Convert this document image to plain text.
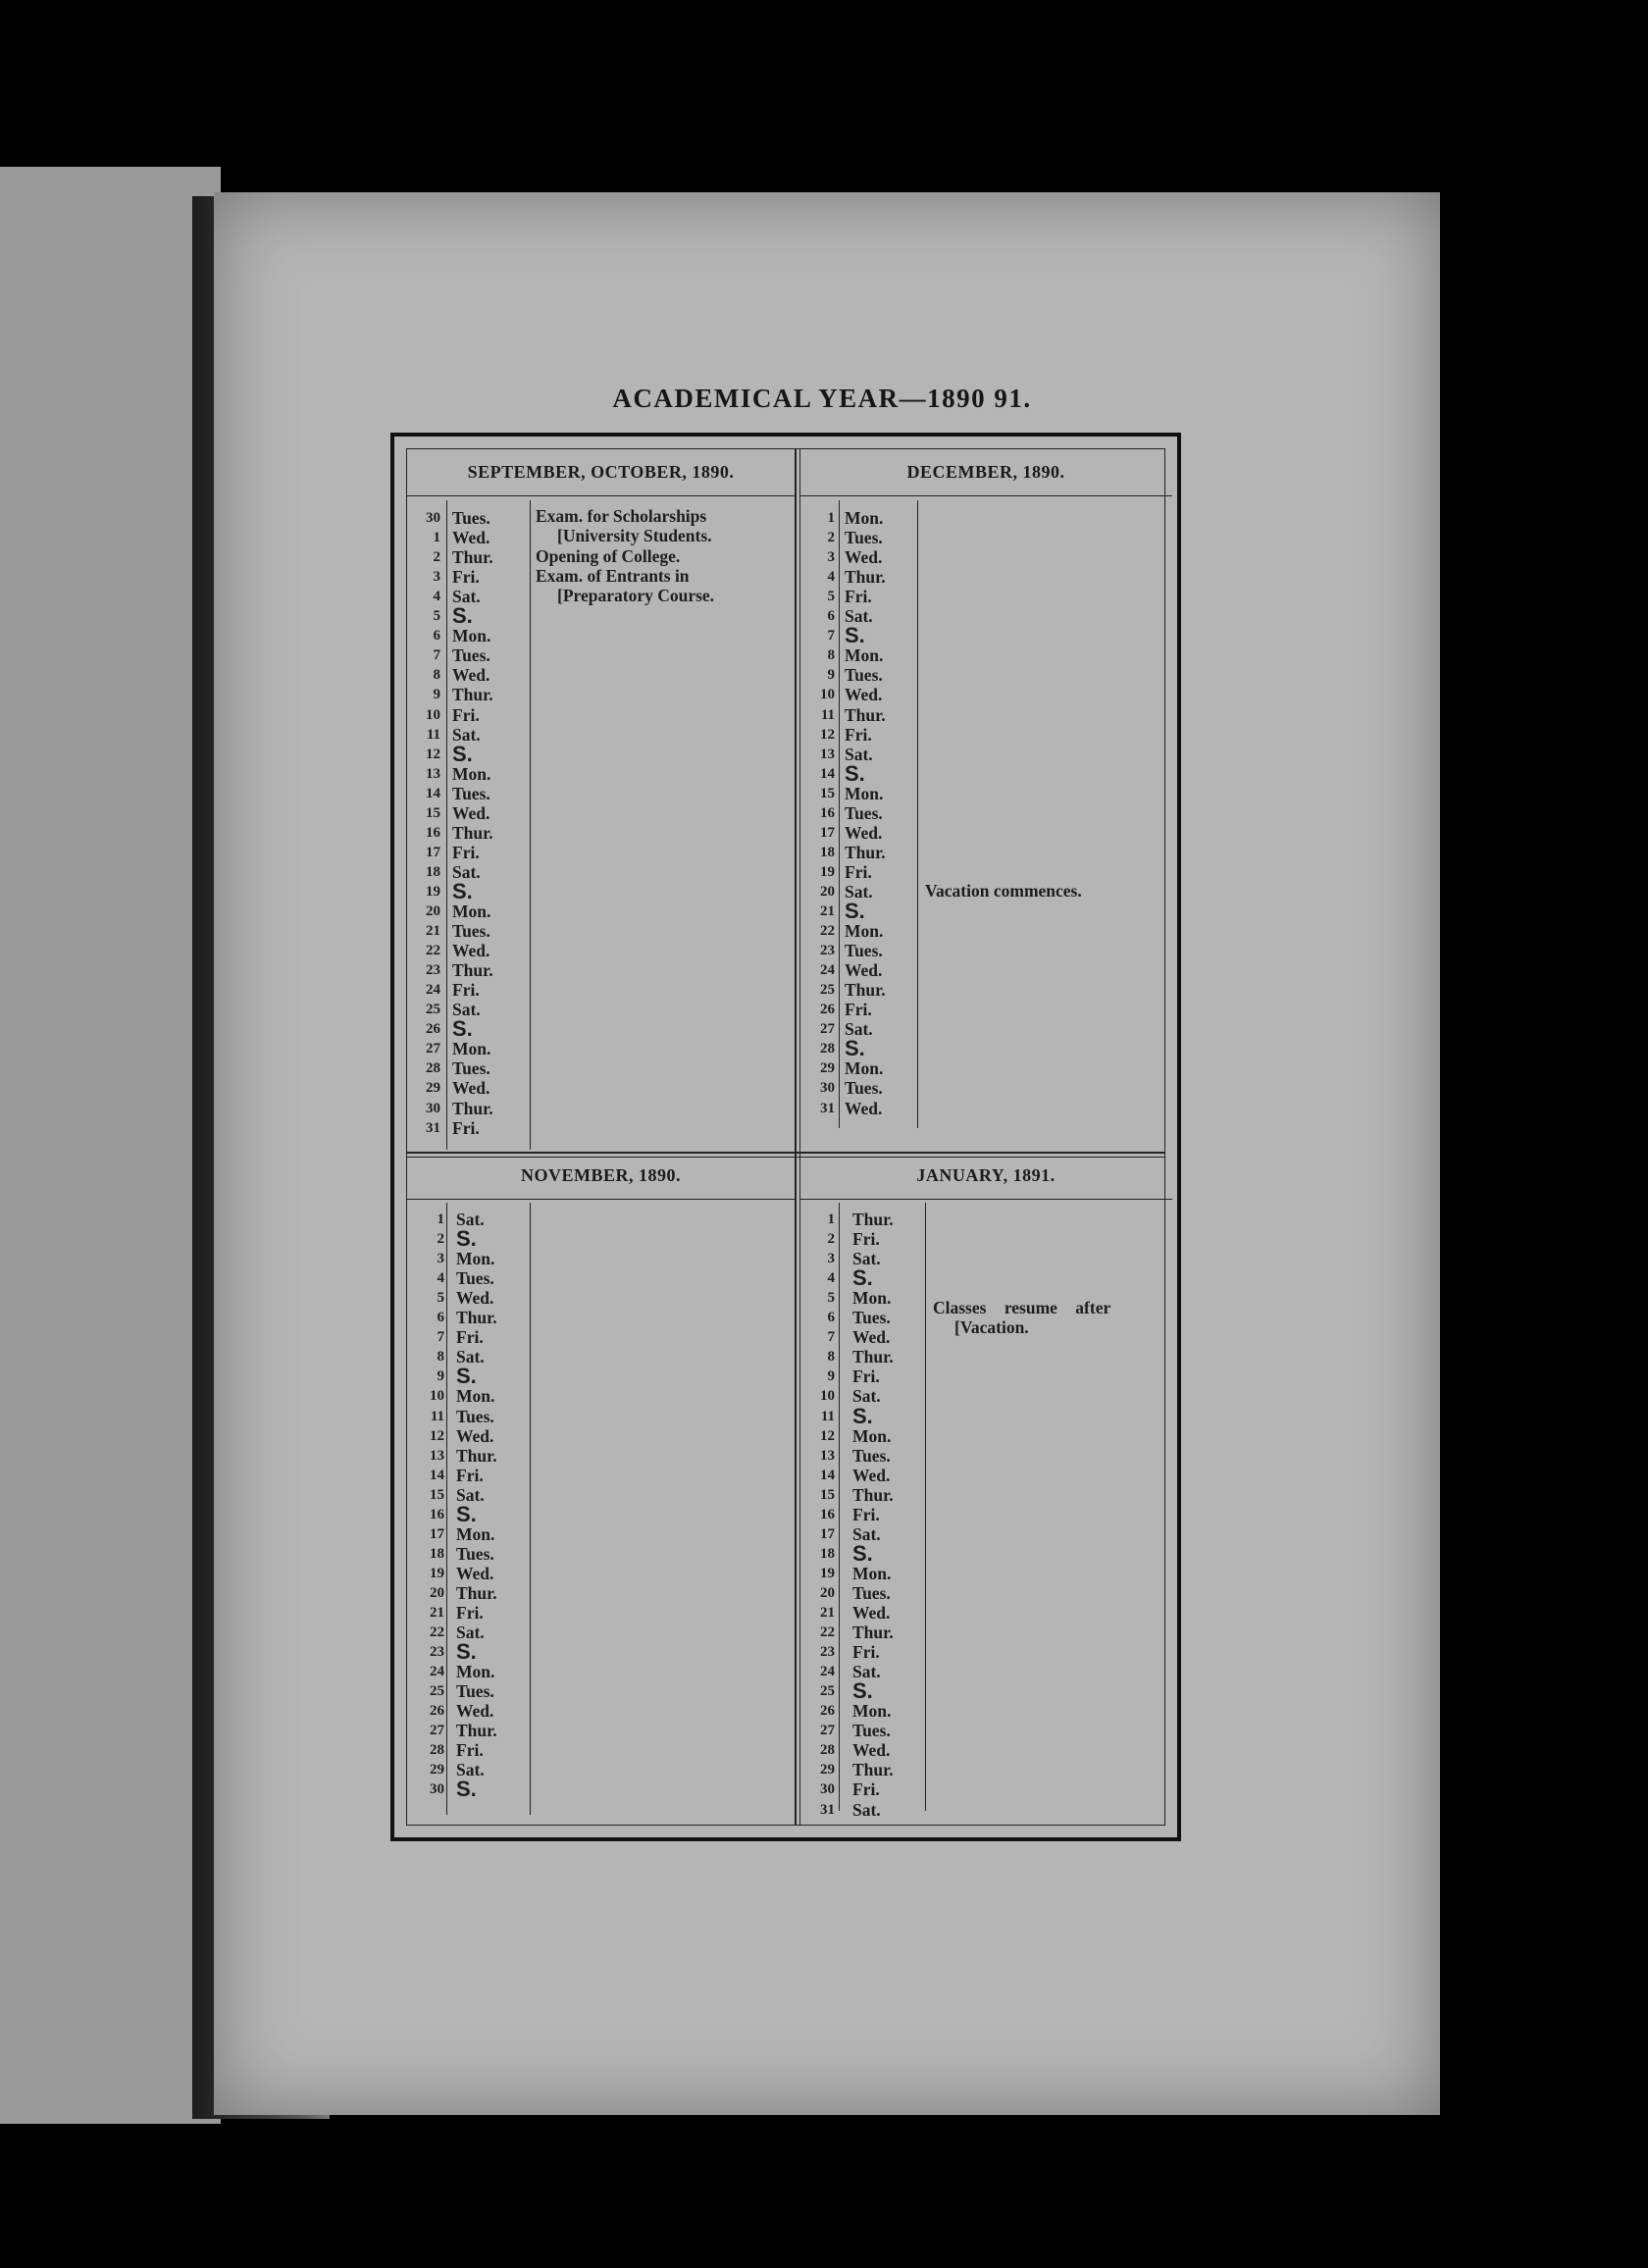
ACADEMICAL YEAR—1890 91.
SEPTEMBER, OCTOBER, 1890.
30 Tues.
1 Wed.
2 Thur.
3 Fri.
4 Sat.
5 S.
6 Mon.
7 Tues.
8 Wed.
9 Thur.
10 Fri.
11 Sat.
12 S.
13 Mon.
14 Tues.
15 Wed.
16 Thur.
17 Fri.
18 Sat.
19 S.
20 Mon.
21 Tues.
22 Wed.
23 Thur.
24 Fri.
25 Sat.
26 S.
27 Mon.
28 Tues.
29 Wed.
30 Thur.
31 Fri.
Exam. for Scholarships
[University Students.
Opening of College.
Exam. of Entrants in
[Preparatory Course.
DECEMBER, 1890.
1 Mon.
2 Tues.
3 Wed.
4 Thur.
5 Fri.
6 Sat.
7 S.
8 Mon.
9 Tues.
10 Wed.
11 Thur.
12 Fri.
13 Sat.
14 S.
15 Mon.
16 Tues.
17 Wed.
18 Thur.
19 Fri.
20 Sat.
21 S.
22 Mon.
23 Tues.
24 Wed.
25 Thur.
26 Fri.
27 Sat.
28 S.
29 Mon.
30 Tues.
31 Wed.
Vacation commences.
NOVEMBER, 1890.
1 Sat.
2 S.
3 Mon.
4 Tues.
5 Wed.
6 Thur.
7 Fri.
8 Sat.
9 S.
10 Mon.
11 Tues.
12 Wed.
13 Thur.
14 Fri.
15 Sat.
16 S.
17 Mon.
18 Tues.
19 Wed.
20 Thur.
21 Fri.
22 Sat.
23 S.
24 Mon.
25 Tues.
26 Wed.
27 Thur.
28 Fri.
29 Sat.
30 S.
JANUARY, 1891.
1 Thur.
2 Fri.
3 Sat.
4 S.
5 Mon.
6 Tues.
7 Wed.
8 Thur.
9 Fri.
10 Sat.
11 S.
12 Mon.
13 Tues.
14 Wed.
15 Thur.
16 Fri.
17 Sat.
18 S.
19 Mon.
20 Tues.
21 Wed.
22 Thur.
23 Fri.
24 Sat.
25 S.
26 Mon.
27 Tues.
28 Wed.
29 Thur.
30 Fri.
31 Sat.
Classes resume after
[Vacation.
